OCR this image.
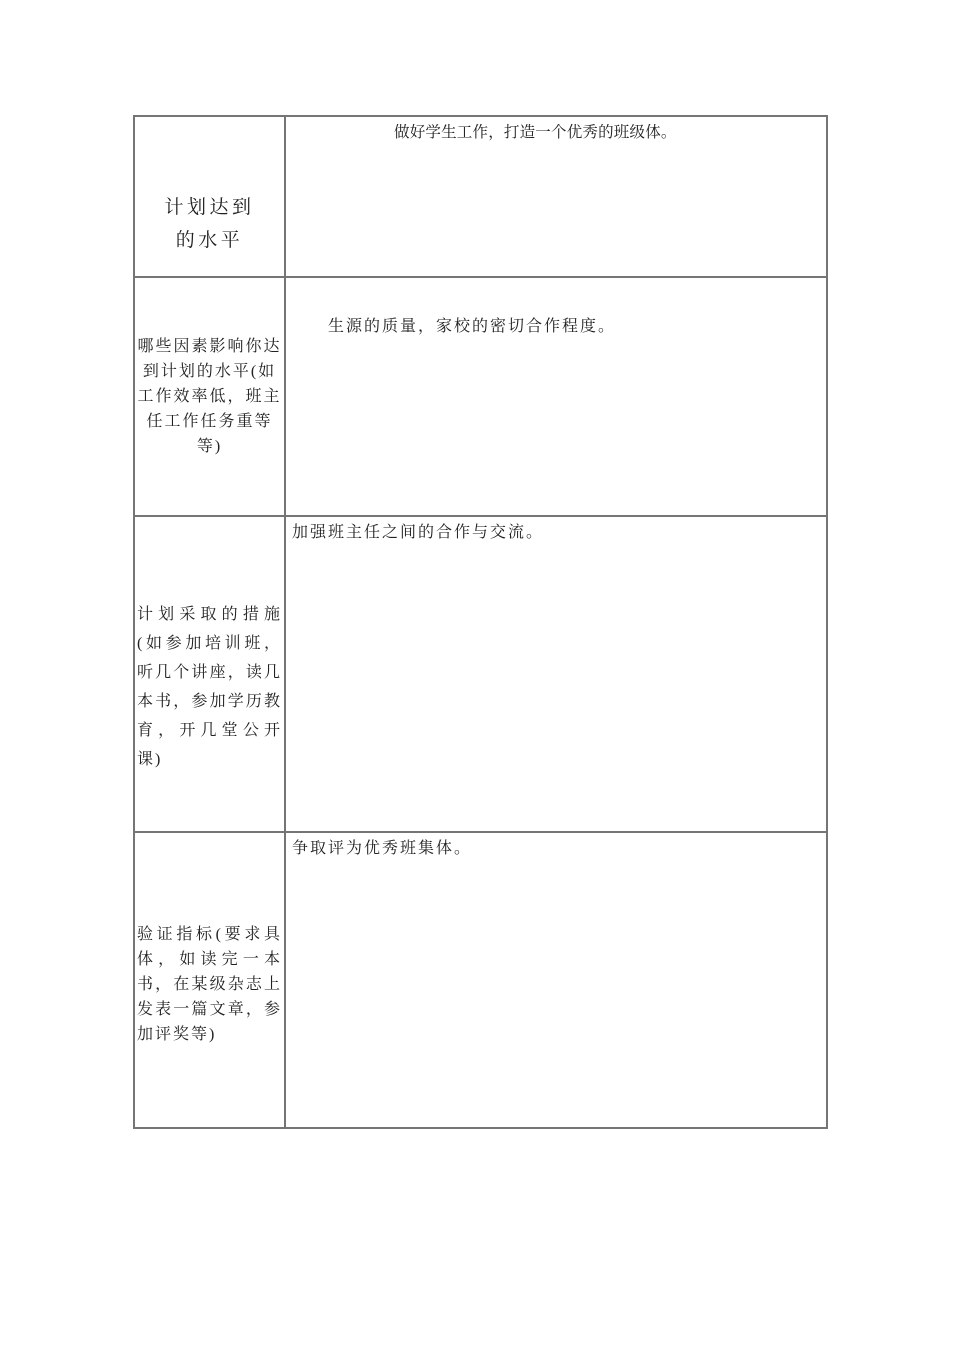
计划达到
的水平
做好学生工作，打造一个优秀的班级体。
哪些因素影响你达
到计划的水平(如
工作效率低，班主
任工作任务重等
等)
生源的质量，家校的密切合作程度。
计划采取的措施
(如参加培训班，
听几个讲座，读几
本书，参加学历教
育，开几堂公开
课)
加强班主任之间的合作与交流。
验证指标(要求具
体，如读完一本
书，在某级杂志上
发表一篇文章，参
加评奖等)
争取评为优秀班集体。
